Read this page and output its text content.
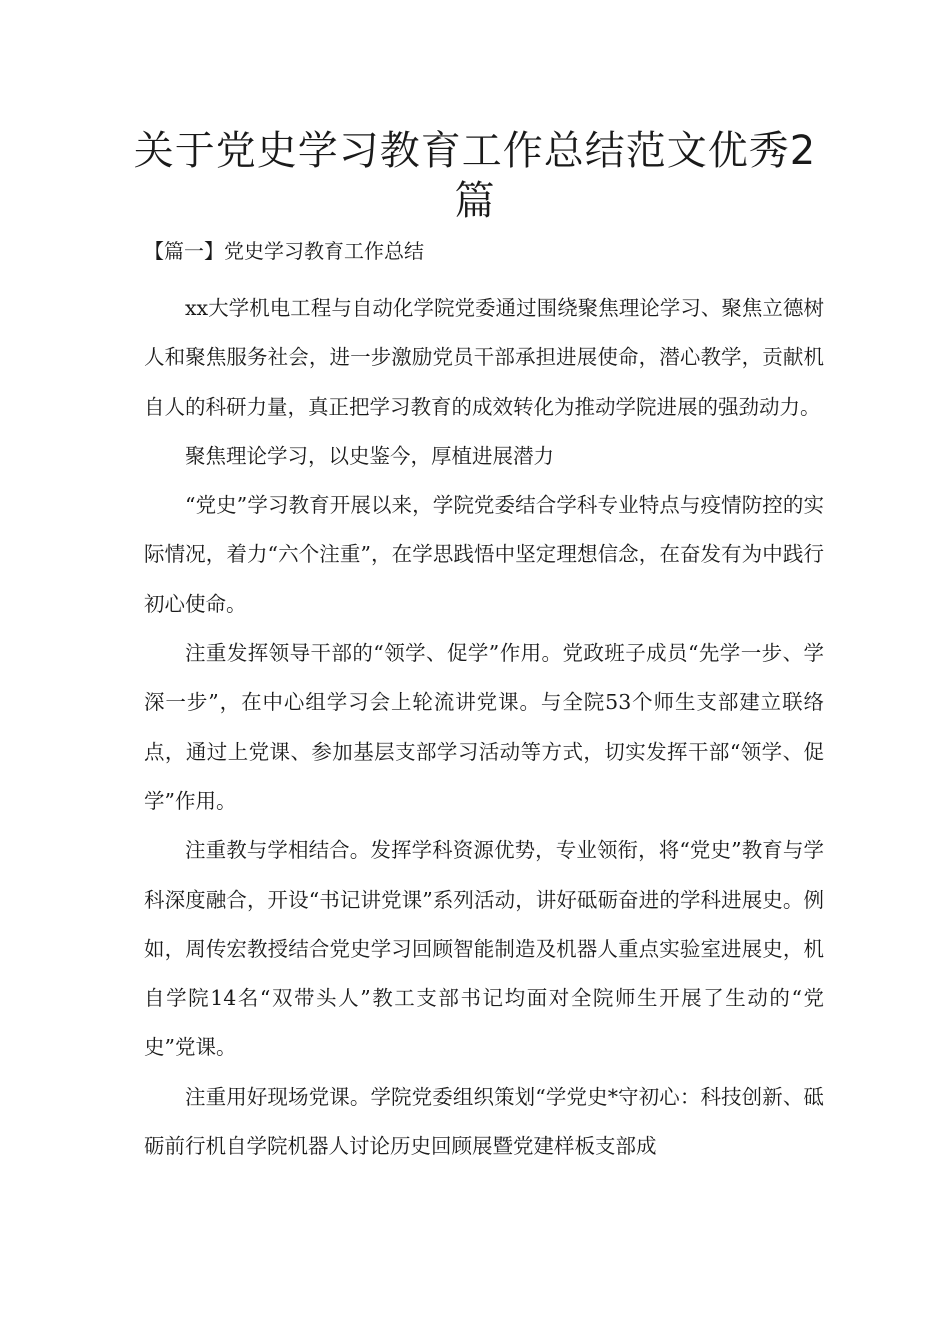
关于党史学习教育工作总结范文优秀2篇
【篇一】党史学习教育工作总结

xx大学机电工程与自动化学院党委通过围绕聚焦理论学习、聚焦立德树人和聚焦服务社会，进一步激励党员干部承担进展使命，潜心教学，贡献机自人的科研力量，真正把学习教育的成效转化为推动学院进展的强劲动力。

聚焦理论学习，以史鉴今，厚植进展潜力

“党史”学习教育开展以来，学院党委结合学科专业特点与疫情防控的实际情况，着力“六个注重”，在学思践悟中坚定理想信念，在奋发有为中践行初心使命。

注重发挥领导干部的“领学、促学”作用。党政班子成员“先学一步、学深一步”，在中心组学习会上轮流讲党课。与全院53个师生支部建立联络点，通过上党课、参加基层支部学习活动等方式，切实发挥干部“领学、促学”作用。

注重教与学相结合。发挥学科资源优势，专业领衔，将“党史”教育与学科深度融合，开设“书记讲党课”系列活动，讲好砥砺奋进的学科进展史。例如，周传宏教授结合党史学习回顾智能制造及机器人重点实验室进展史，机自学院14名“双带头人”教工支部书记均面对全院师生开展了生动的“党史”党课。

注重用好现场党课。学院党委组织策划“学党史*守初心：科技创新、砥砺前行机自学院机器人讨论历史回顾展暨党建样板支部成
